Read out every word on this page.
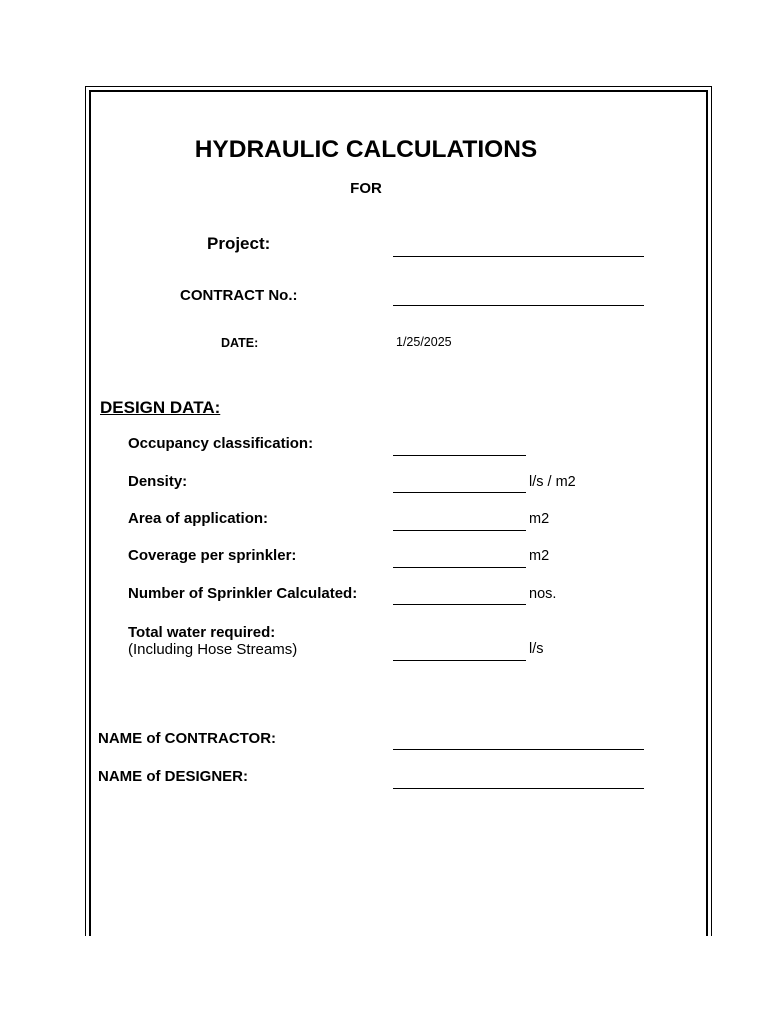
HYDRAULIC CALCULATIONS
FOR
Project:
CONTRACT No.:
DATE:	1/25/2025
DESIGN DATA:
Occupancy classification:
Density:	l/s / m2
Area of application:	m2
Coverage per sprinkler:	m2
Number of Sprinkler Calculated:	nos.
Total water required:
(Including Hose Streams)	l/s
NAME of CONTRACTOR:
NAME of DESIGNER:
